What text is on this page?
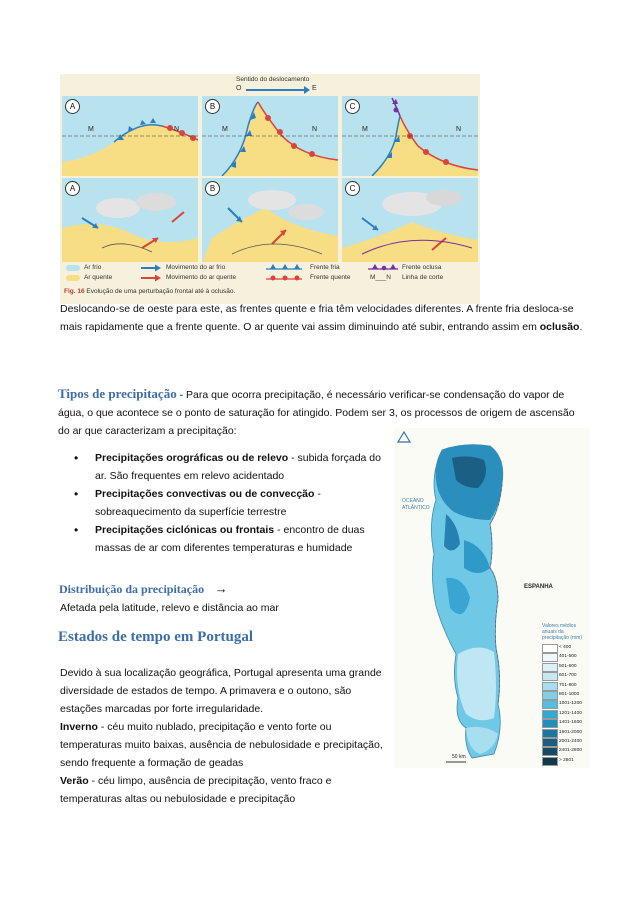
Sentido do deslocamento
O	E
A
M	N
B
M	N
C
M	N
A	B	C
Ar frio
Ar quente
Movimento do ar frio
Movimento do ar quente
Frente fria
Frente quente
Frente oclusa
M___N Linha de corte
Fig. 16 Evolução de uma perturbação frontal até à oclusão.
Deslocando-se de oeste para este, as frentes quente e fria têm velocidades diferentes. A frente fria desloca-se mais rapidamente que a frente quente. O ar quente vai assim diminuindo até subir, entrando assim em oclusão.
Tipos de precipitação - Para que ocorra precipitação, é necessário verificar-se condensação do vapor de água, o que acontece se o ponto de saturação for atingido. Podem ser 3, os processos de origem de ascensão do ar que caracterizam a precipitação:
• Precipitações orográficas ou de relevo - subida forçada do ar. São frequentes em relevo acidentado
• Precipitações convectivas ou de convecção - sobreaquecimento da superfície terrestre
• Precipitações ciclónicas ou frontais - encontro de duas massas de ar com diferentes temperaturas e humidade
Distribuição da precipitação →
Afetada pela latitude, relevo e distância ao mar
Estados de tempo em Portugal
Devido à sua localização geográfica, Portugal apresenta uma grande diversidade de estados de tempo. A primavera e o outono, são estações marcadas por forte irregularidade.
Inverno - céu muito nublado, precipitação e vento forte ou temperaturas muito baixas, ausência de nebulosidade e precipitação, sendo frequente a formação de geadas
Verão - céu limpo, ausência de precipitação, vento fraco e temperaturas altas ou nebulosidade e precipitação
OCEANO
ATLÂNTICO
ESPANHA
50 km
Valores médios
anuais da
precipitação (mm)
< 400
401-500
501-600
601-700
701-800
801-1000
1001-1200
1201-1400
1401-1600
1601-2000
2001-2400
2401-2800
> 2801
